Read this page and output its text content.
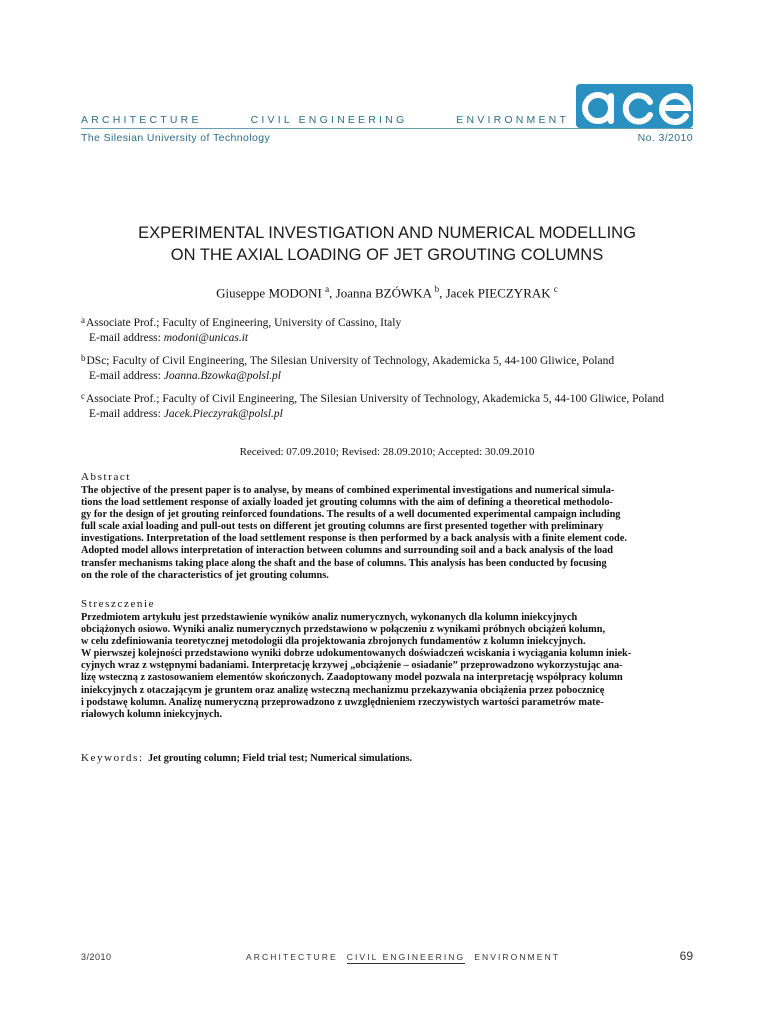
ARCHITECTURE	CIVIL ENGINEERING	ENVIRONMENT
ace
The Silesian University of Technology	No. 3/2010
EXPERIMENTAL INVESTIGATION AND NUMERICAL MODELLING
ON THE AXIAL LOADING OF JET GROUTING COLUMNS
Giuseppe MODONI $^a$, Joanna BZÓWKA $^b$, Jacek PIECZYRAK $^c$
$^a$Associate Prof.; Faculty of Engineering, University of Cassino, Italy
E-mail address: modoni@unicas.it
$^b$DSc; Faculty of Civil Engineering, The Silesian University of Technology, Akademicka 5, 44-100 Gliwice, Poland
E-mail address: Joanna.Bzowka@polsl.pl
$^c$Associate Prof.; Faculty of Civil Engineering, The Silesian University of Technology, Akademicka 5, 44-100 Gliwice, Poland
E-mail address: Jacek.Pieczyrak@polsl.pl
Received: 07.09.2010; Revised: 28.09.2010; Accepted: 30.09.2010
Abstract
The objective of the present paper is to analyse, by means of combined experimental investigations and numerical simula-
tions the load settlement response of axially loaded jet grouting columns with the aim of defining a theoretical methodolo-
gy for the design of jet grouting reinforced foundations. The results of a well documented experimental campaign including
full scale axial loading and pull-out tests on different jet grouting columns are first presented together with preliminary
investigations. Interpretation of the load settlement response is then performed by a back analysis with a finite element code.
Adopted model allows interpretation of interaction between columns and surrounding soil and a back analysis of the load
transfer mechanisms taking place along the shaft and the base of columns. This analysis has been conducted by focusing
on the role of the characteristics of jet grouting columns.
Streszczenie
Przedmiotem artykułu jest przedstawienie wyników analiz numerycznych, wykonanych dla kolumn iniekcyjnych
obciążonych osiowo. Wyniki analiz numerycznych przedstawiono w połączeniu z wynikami próbnych obciążeń kolumn,
w celu zdefiniowania teoretycznej metodologii dla projektowania zbrojonych fundamentów z kolumn iniekcyjnych.
W pierwszej kolejności przedstawiono wyniki dobrze udokumentowanych doświadczeń wciskania i wyciągania kolumn iniek-
cyjnych wraz z wstępnymi badaniami. Interpretację krzywej „obciążenie – osiadanie” przeprowadzono wykorzystując ana-
lizę wsteczną z zastosowaniem elementów skończonych. Zaadoptowany model pozwala na interpretację współpracy kolumn
iniekcyjnych z otaczającym je gruntem oraz analizę wsteczną mechanizmu przekazywania obciążenia przez pobocznicę
i podstawę kolumn. Analizę numeryczną przeprowadzono z uwzględnieniem rzeczywistych wartości parametrów mate-
riałowych kolumn iniekcyjnych.
Keywords: Jet grouting column; Field trial test; Numerical simulations.
3/2010	ARCHITECTURE CIVIL ENGINEERING ENVIRONMENT	69
